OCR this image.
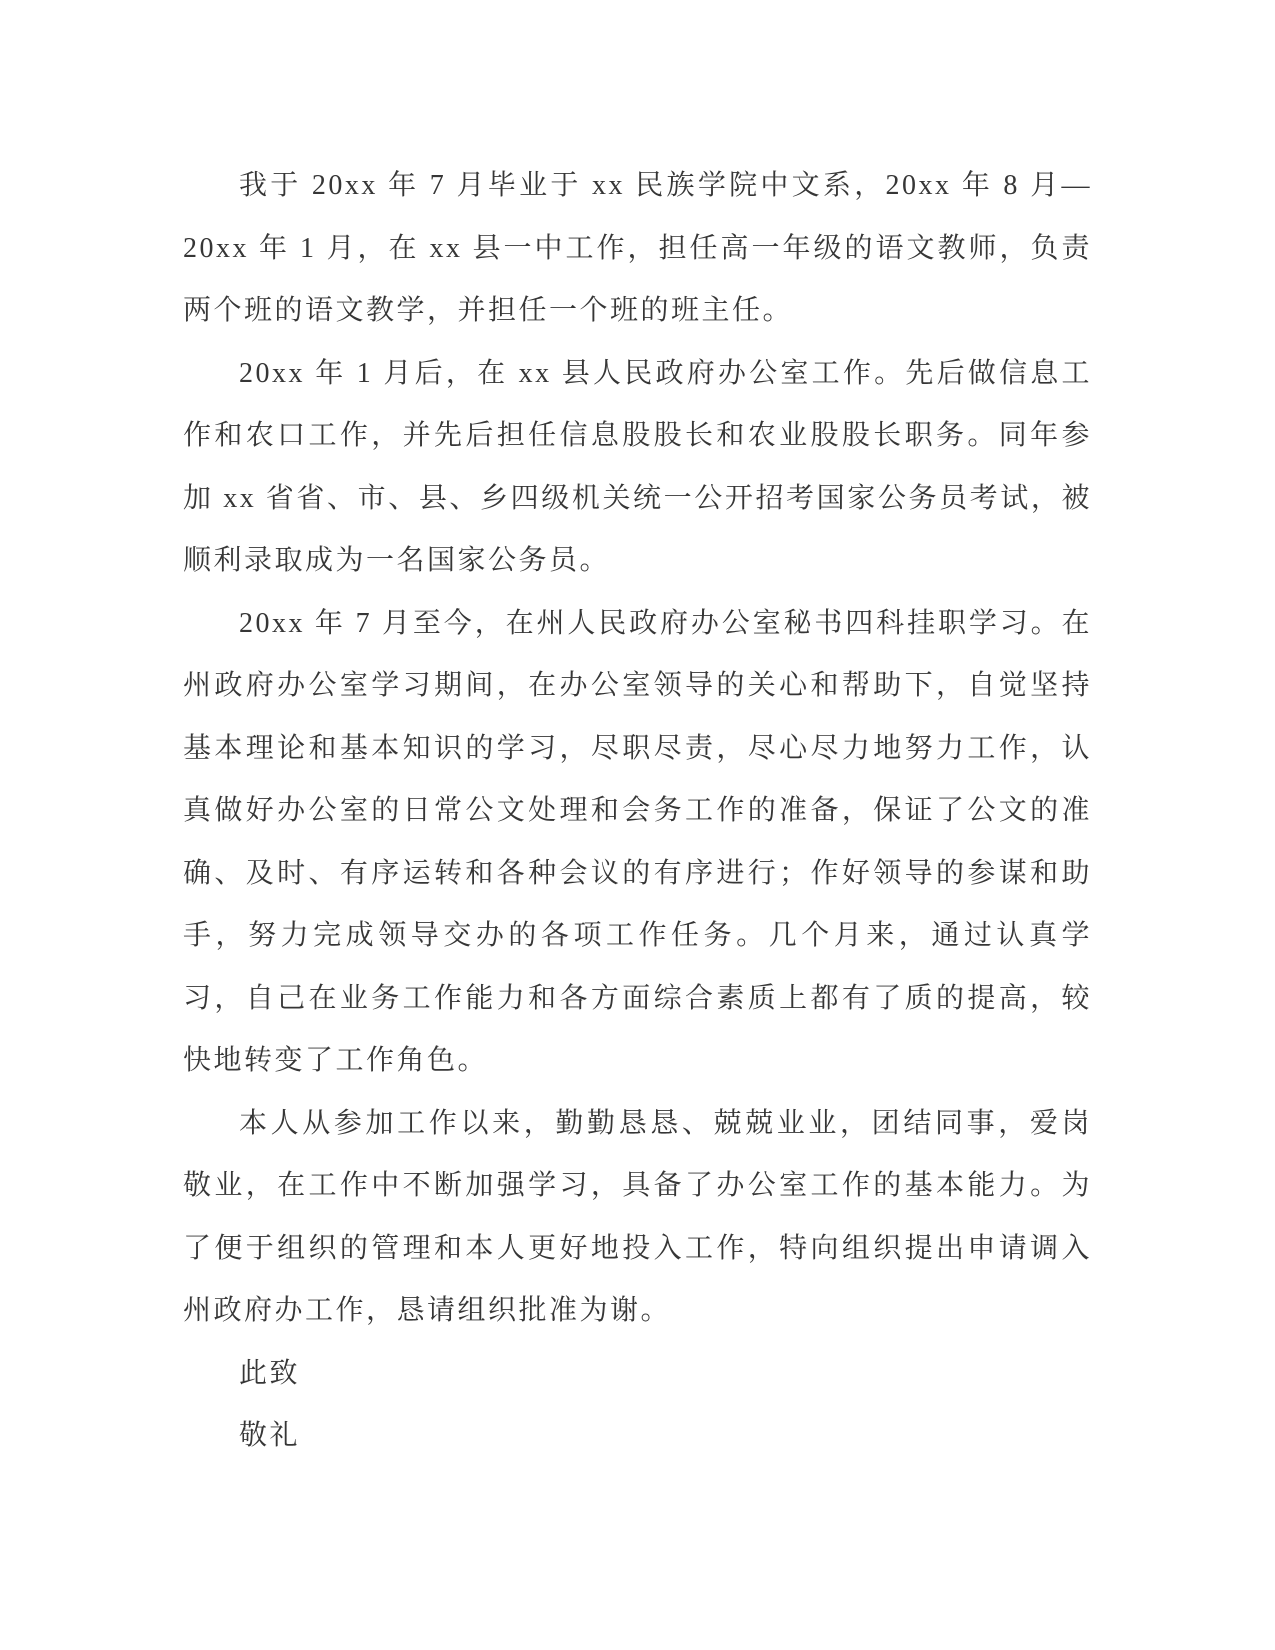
我于 20xx 年 7 月毕业于 xx 民族学院中文系，20xx 年 8 月—20xx 年 1 月，在 xx 县一中工作，担任高一年级的语文教师，负责两个班的语文教学，并担任一个班的班主任。

20xx 年 1 月后，在 xx 县人民政府办公室工作。先后做信息工作和农口工作，并先后担任信息股股长和农业股股长职务。同年参加 xx 省省、市、县、乡四级机关统一公开招考国家公务员考试，被顺利录取成为一名国家公务员。

20xx 年 7 月至今，在州人民政府办公室秘书四科挂职学习。在州政府办公室学习期间，在办公室领导的关心和帮助下，自觉坚持基本理论和基本知识的学习，尽职尽责，尽心尽力地努力工作，认真做好办公室的日常公文处理和会务工作的准备，保证了公文的准确、及时、有序运转和各种会议的有序进行；作好领导的参谋和助手，努力完成领导交办的各项工作任务。几个月来，通过认真学习，自己在业务工作能力和各方面综合素质上都有了质的提高，较快地转变了工作角色。

本人从参加工作以来，勤勤恳恳、兢兢业业，团结同事，爱岗敬业，在工作中不断加强学习，具备了办公室工作的基本能力。为了便于组织的管理和本人更好地投入工作，特向组织提出申请调入州政府办工作，恳请组织批准为谢。

此致

敬礼
